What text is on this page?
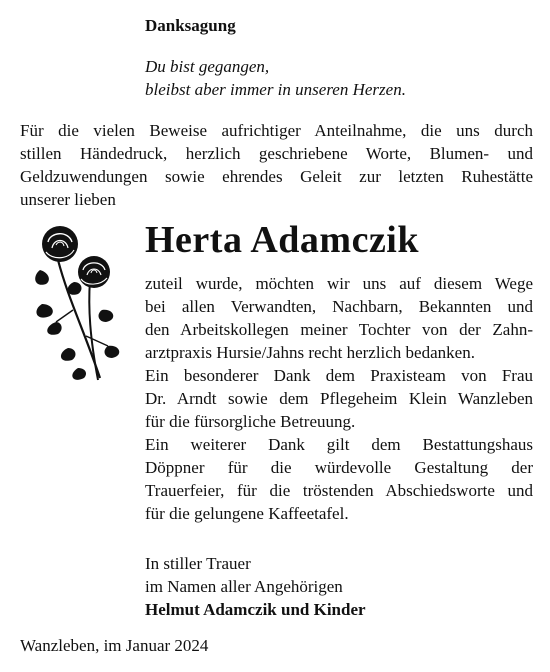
Danksagung
Du bist gegangen,
bleibst aber immer in unseren Herzen.
Für die vielen Beweise aufrichtiger Anteilnahme, die uns durch
stillen Händedruck, herzlich geschriebene Worte, Blumen- und
Geldzuwendungen sowie ehrendes Geleit zur letzten Ruhestätte
unserer lieben
Herta Adamczik
zuteil wurde, möchten wir uns auf diesem Wege
bei allen Verwandten, Nachbarn, Bekannten und
den Arbeitskollegen meiner Tochter von der Zahn-
arztpraxis Hursie/Jahns recht herzlich bedanken.
Ein besonderer Dank dem Praxisteam von Frau
Dr. Arndt sowie dem Pflegeheim Klein Wanzleben
für die fürsorgliche Betreuung.
Ein weiterer Dank gilt dem Bestattungshaus
Döppner für die würdevolle Gestaltung der
Trauerfeier, für die tröstenden Abschiedsworte und
für die gelungene Kaffeetafel.
In stiller Trauer
im Namen aller Angehörigen
Helmut Adamczik und Kinder
Wanzleben, im Januar 2024
